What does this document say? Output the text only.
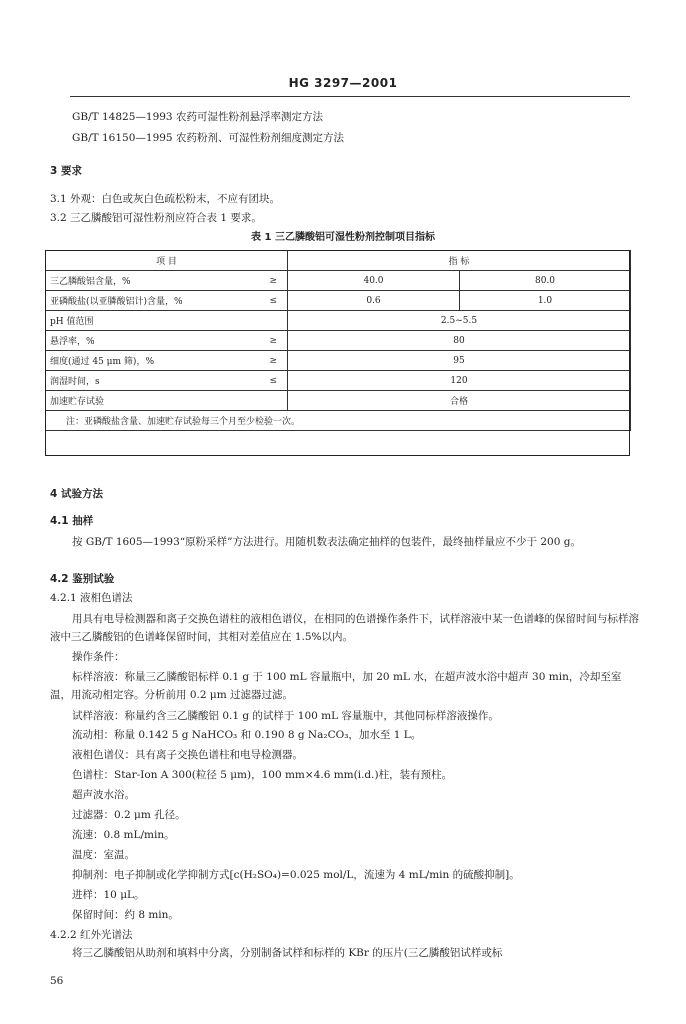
HG 3297—2001
GB/T 14825—1993 农药可湿性粉剂悬浮率测定方法
GB/T 16150—1995 农药粉剂、可湿性粉剂细度测定方法
3 要求
3.1 外观：白色或灰白色疏松粉末，不应有团块。
3.2 三乙膦酸铝可湿性粉剂应符合表 1 要求。
表 1 三乙膦酸铝可湿性粉剂控制项目指标
项 目		指 标	
三乙膦酸铝含量，%	≥	40.0	80.0
亚磷酸盐(以亚膦酸铝计)含量，%	≤	0.6	1.0
pH 值范围		2.5~5.5	
悬浮率，%	≥	80	
细度(通过 45 μm 筛)，%	≥	95	
润湿时间，s	≤	120	
加速贮存试验		合格	
注：亚磷酸盐含量、加速贮存试验每三个月至少检验一次。			
4 试验方法
4.1 抽样
按 GB/T 1605—1993“原粉采样”方法进行。用随机数表法确定抽样的包装件，最终抽样量应不少于 200 g。
4.2 鉴别试验
4.2.1 液相色谱法
用具有电导检测器和离子交换色谱柱的液相色谱仪，在相同的色谱操作条件下，试样溶液中某一色谱峰的保留时间与标样溶液中三乙膦酸铝的色谱峰保留时间，其相对差值应在 1.5%以内。
操作条件：
标样溶液：称量三乙膦酸铝标样 0.1 g 于 100 mL 容量瓶中，加 20 mL 水，在超声波水浴中超声 30 min，冷却至室温，用流动相定容。分析前用 0.2 μm 过滤器过滤。
试样溶液：称量约含三乙膦酸铝 0.1 g 的试样于 100 mL 容量瓶中，其他同标样溶液操作。
流动相：称量 0.142 5 g NaHCO₃ 和 0.190 8 g Na₂CO₃，加水至 1 L。
液相色谱仪：具有离子交换色谱柱和电导检测器。
色谱柱：Star-Ion A 300(粒径 5 μm)，100 mm×4.6 mm(i.d.)柱，装有预柱。
超声波水浴。
过滤器：0.2 μm 孔径。
流速：0.8 mL/min。
温度：室温。
抑制剂：电子抑制或化学抑制方式[c(H₂SO₄)=0.025 mol/L，流速为 4 mL/min 的硫酸抑制]。
进样：10 μL。
保留时间：约 8 min。
4.2.2 红外光谱法
将三乙膦酸铝从助剂和填料中分离，分别制备试样和标样的 KBr 的压片(三乙膦酸铝试样或标
56
